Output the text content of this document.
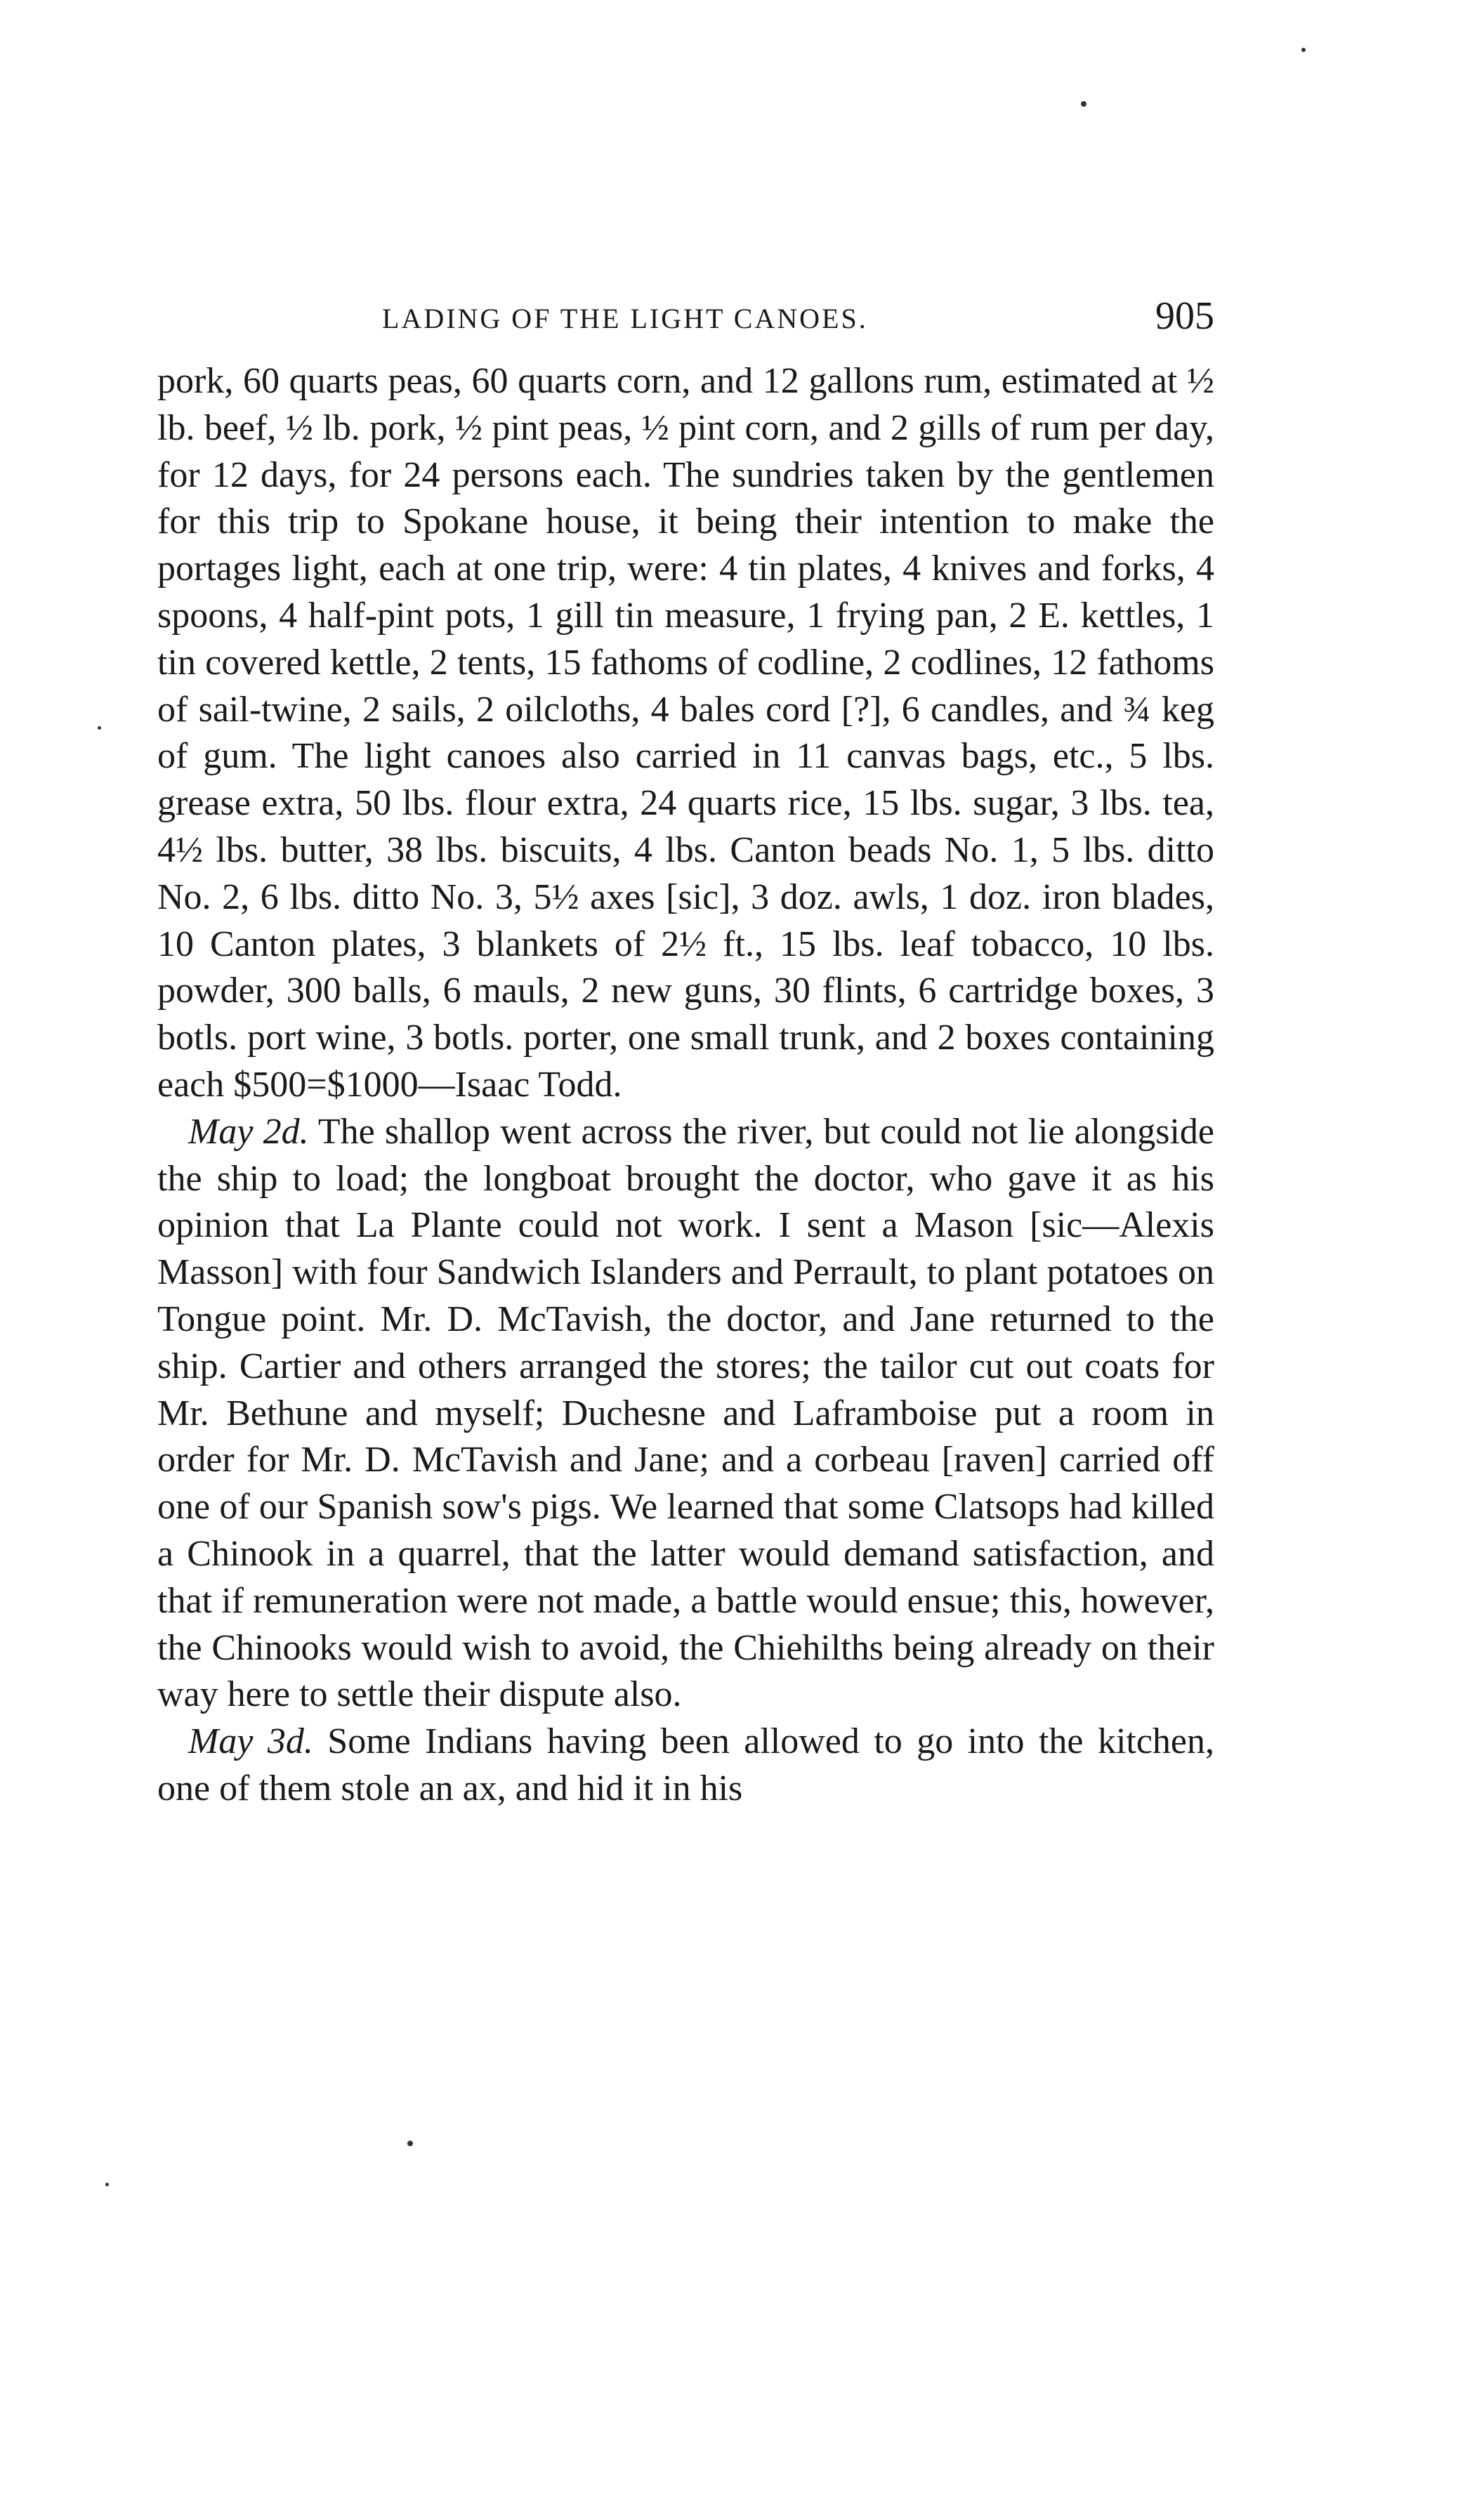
LADING OF THE LIGHT CANOES.	905

pork, 60 quarts peas, 60 quarts corn, and 12 gallons rum, estimated at ½ lb. beef, ½ lb. pork, ½ pint peas, ½ pint corn, and 2 gills of rum per day, for 12 days, for 24 persons each. The sundries taken by the gentlemen for this trip to Spokane house, it being their intention to make the portages light, each at one trip, were: 4 tin plates, 4 knives and forks, 4 spoons, 4 half-pint pots, 1 gill tin measure, 1 frying pan, 2 E. kettles, 1 tin covered kettle, 2 tents, 15 fathoms of codline, 2 codlines, 12 fathoms of sail-twine, 2 sails, 2 oilcloths, 4 bales cord [?], 6 candles, and ¾ keg of gum. The light canoes also carried in 11 canvas bags, etc., 5 lbs. grease extra, 50 lbs. flour extra, 24 quarts rice, 15 lbs. sugar, 3 lbs. tea, 4½ lbs. butter, 38 lbs. biscuits, 4 lbs. Canton beads No. 1, 5 lbs. ditto No. 2, 6 lbs. ditto No. 3, 5½ axes [sic], 3 doz. awls, 1 doz. iron blades, 10 Canton plates, 3 blankets of 2½ ft., 15 lbs. leaf tobacco, 10 lbs. powder, 300 balls, 6 mauls, 2 new guns, 30 flints, 6 cartridge boxes, 3 botls. port wine, 3 botls. porter, one small trunk, and 2 boxes containing each $500=$1000—Isaac Todd.

May 2d. The shallop went across the river, but could not lie alongside the ship to load; the longboat brought the doctor, who gave it as his opinion that La Plante could not work. I sent a Mason [sic—Alexis Masson] with four Sandwich Islanders and Perrault, to plant potatoes on Tongue point. Mr. D. McTavish, the doctor, and Jane returned to the ship. Cartier and others arranged the stores; the tailor cut out coats for Mr. Bethune and myself; Duchesne and Laframboise put a room in order for Mr. D. McTavish and Jane; and a corbeau [raven] carried off one of our Spanish sow's pigs. We learned that some Clatsops had killed a Chinook in a quarrel, that the latter would demand satisfaction, and that if remuneration were not made, a battle would ensue; this, however, the Chinooks would wish to avoid, the Chiehilths being already on their way here to settle their dispute also.

May 3d. Some Indians having been allowed to go into the kitchen, one of them stole an ax, and hid it in his
